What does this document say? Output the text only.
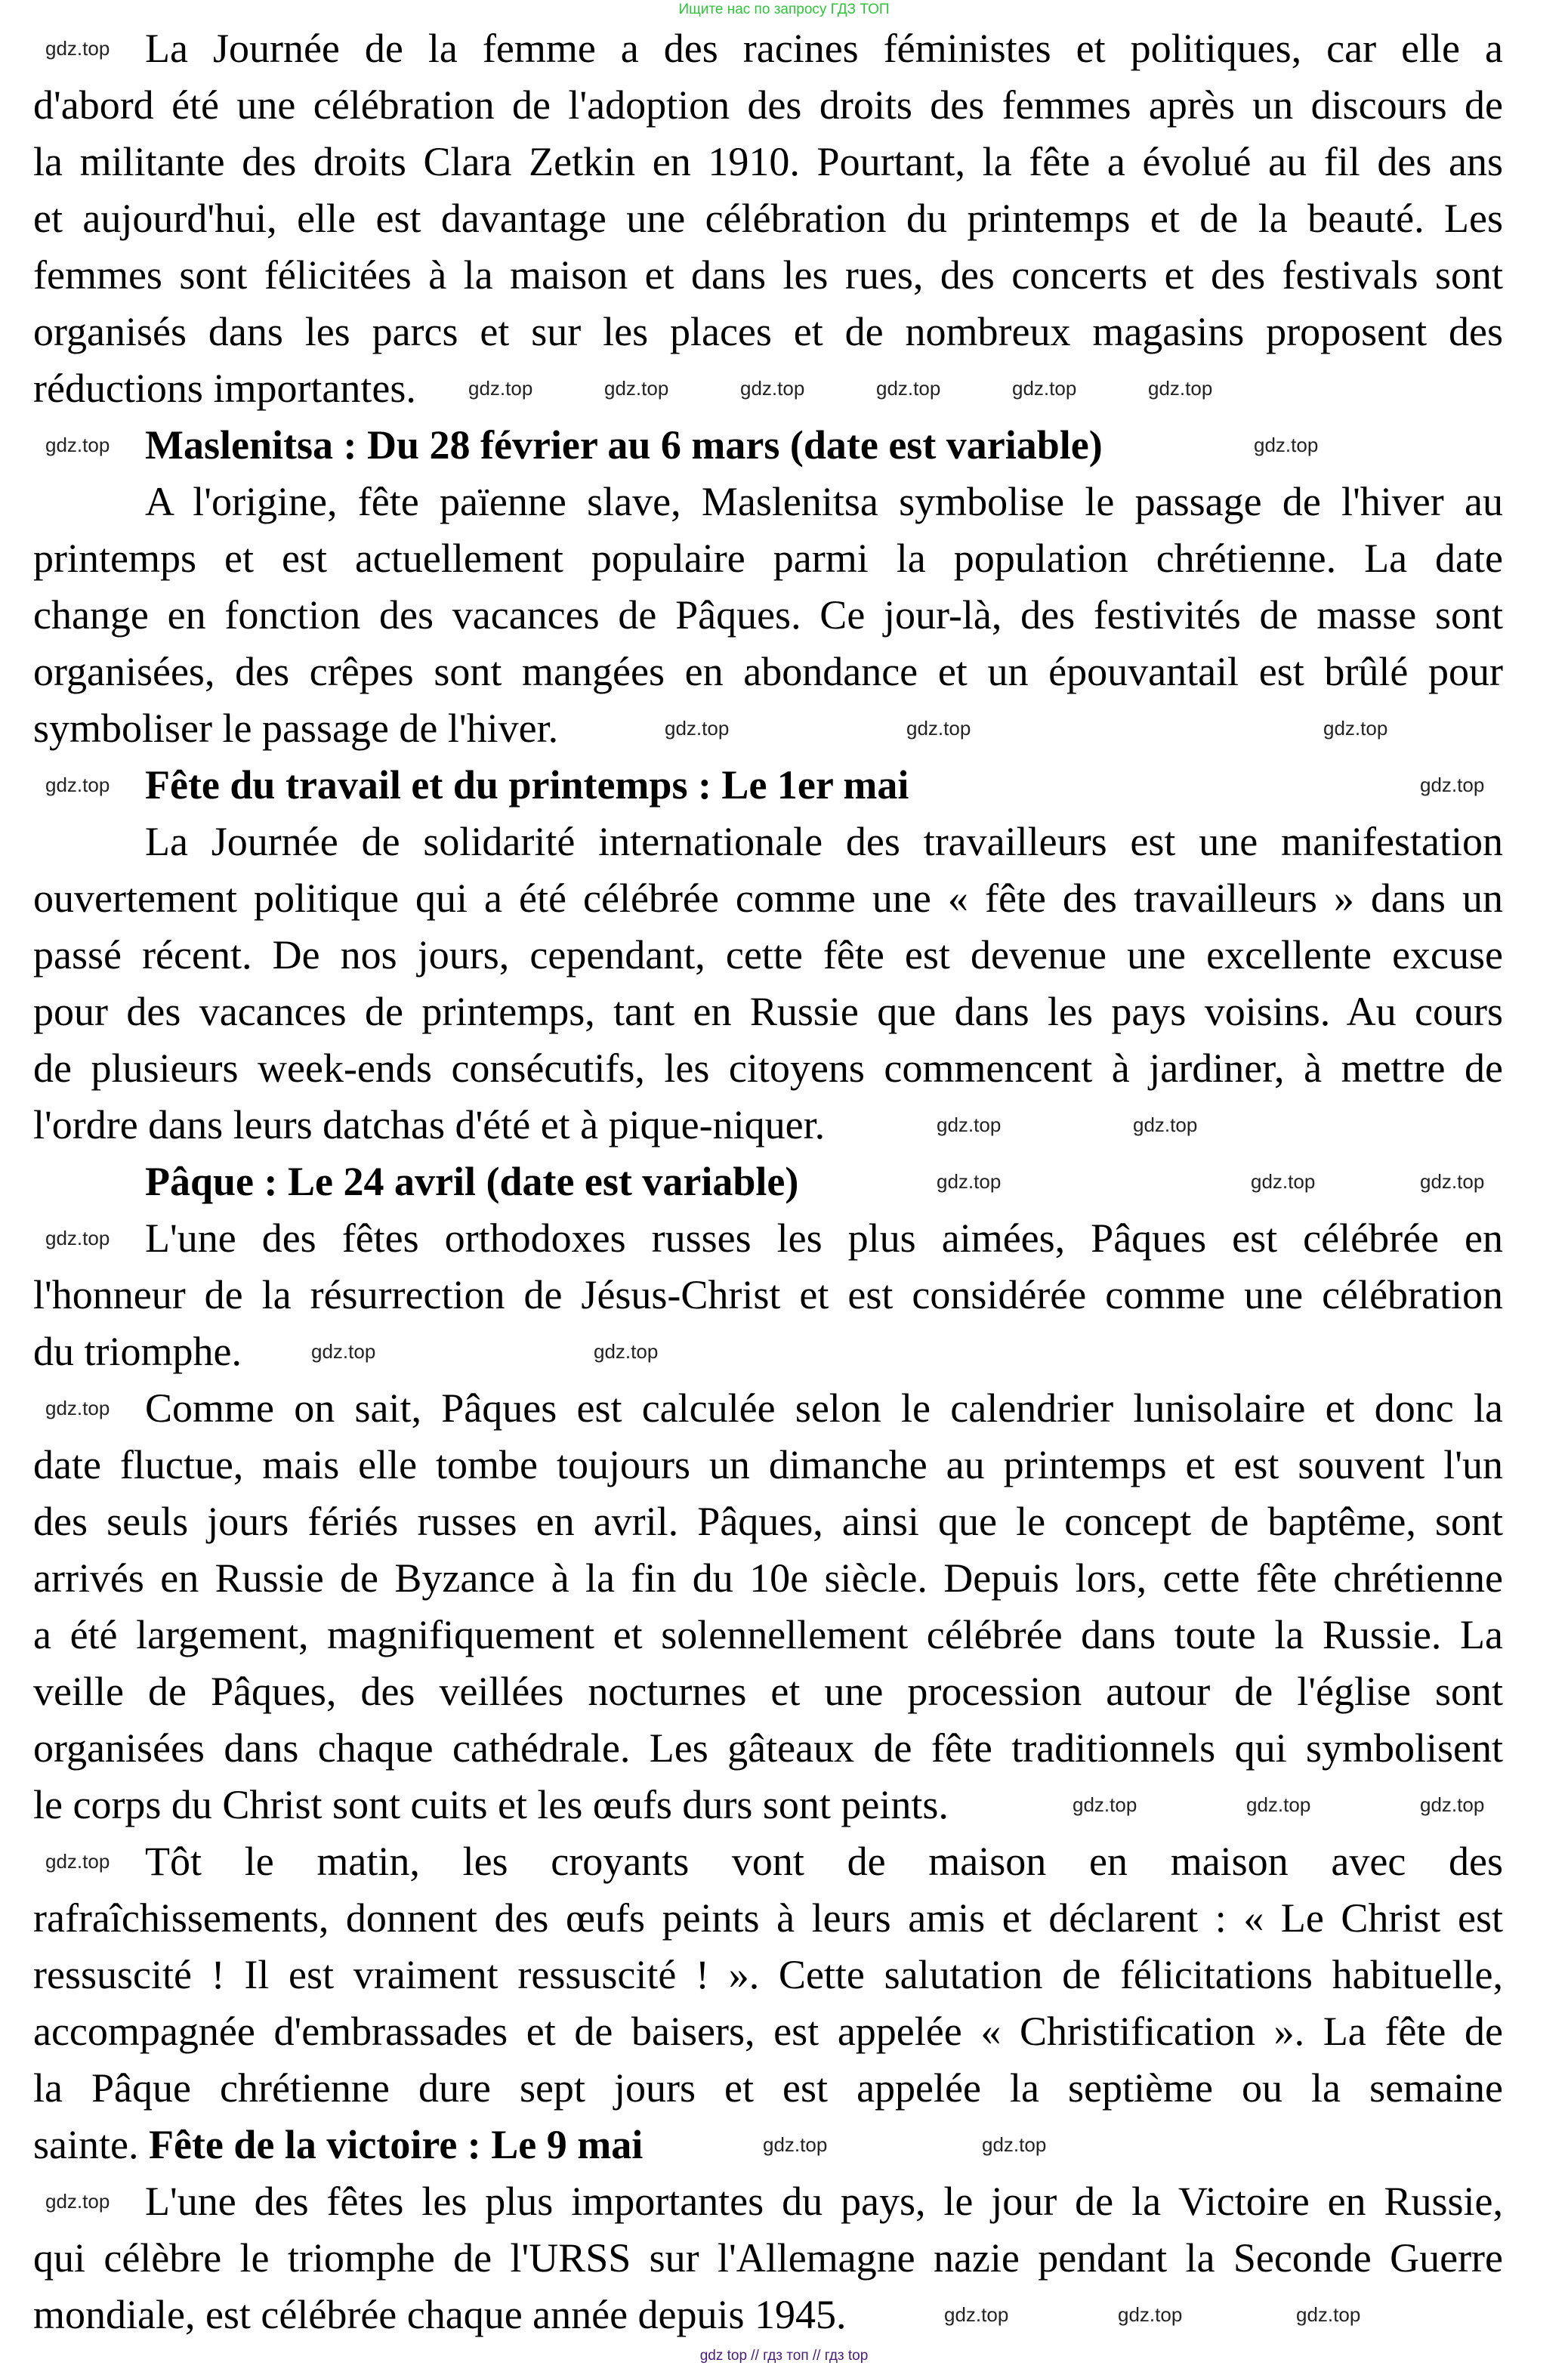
Ищите нас по запросу ГДЗ ТОП
La Journée de la femme a des racines féministes et politiques, car elle a
d'abord été une célébration de l'adoption des droits des femmes après un discours de
la militante des droits Clara Zetkin en 1910. Pourtant, la fête a évolué au fil des ans
et aujourd'hui, elle est davantage une célébration du printemps et de la beauté. Les
femmes sont félicitées à la maison et dans les rues, des concerts et des festivals sont
organisés dans les parcs et sur les places et de nombreux magasins proposent des
réductions importantes.
Maslenitsa : Du 28 février au 6 mars (date est variable)
A l'origine, fête païenne slave, Maslenitsa symbolise le passage de l'hiver au
printemps et est actuellement populaire parmi la population chrétienne. La date
change en fonction des vacances de Pâques. Ce jour-là, des festivités de masse sont
organisées, des crêpes sont mangées en abondance et un épouvantail est brûlé pour
symboliser le passage de l'hiver.
Fête du travail et du printemps : Le 1er mai
La Journée de solidarité internationale des travailleurs est une manifestation
ouvertement politique qui a été célébrée comme une « fête des travailleurs » dans un
passé récent. De nos jours, cependant, cette fête est devenue une excellente excuse
pour des vacances de printemps, tant en Russie que dans les pays voisins. Au cours
de plusieurs week-ends consécutifs, les citoyens commencent à jardiner, à mettre de
l'ordre dans leurs datchas d'été et à pique-niquer.
Pâque : Le 24 avril (date est variable)
L'une des fêtes orthodoxes russes les plus aimées, Pâques est célébrée en
l'honneur de la résurrection de Jésus-Christ et est considérée comme une célébration
du triomphe.
Comme on sait, Pâques est calculée selon le calendrier lunisolaire et donc la
date fluctue, mais elle tombe toujours un dimanche au printemps et est souvent l'un
des seuls jours fériés russes en avril. Pâques, ainsi que le concept de baptême, sont
arrivés en Russie de Byzance à la fin du 10e siècle. Depuis lors, cette fête chrétienne
a été largement, magnifiquement et solennellement célébrée dans toute la Russie. La
veille de Pâques, des veillées nocturnes et une procession autour de l'église sont
organisées dans chaque cathédrale. Les gâteaux de fête traditionnels qui symbolisent
le corps du Christ sont cuits et les œufs durs sont peints.
Tôt le matin, les croyants vont de maison en maison avec des
rafraîchissements, donnent des œufs peints à leurs amis et déclarent : « Le Christ est
ressuscité ! Il est vraiment ressuscité ! ». Cette salutation de félicitations habituelle,
accompagnée d'embrassades et de baisers, est appelée « Christification ». La fête de
la Pâque chrétienne dure sept jours et est appelée la septième ou la semaine
sainte. Fête de la victoire : Le 9 mai
L'une des fêtes les plus importantes du pays, le jour de la Victoire en Russie,
qui célèbre le triomphe de l'URSS sur l'Allemagne nazie pendant la Seconde Guerre
mondiale, est célébrée chaque année depuis 1945.
gdz.top
gdz.top	gdz.top	gdz.top	gdz.top	gdz.top	gdz.top
gdz.top	gdz.top
gdz.top	gdz.top	gdz.top
gdz.top	gdz.top
gdz.top	gdz.top
gdz.top
gdz.top
gdz.top	gdz.top
gdz.top
gdz.top	gdz.top
gdz.top	gdz.top
gdz.top
gdz.top
gdz.top	gdz.top
gdz.top
gdz.top
gdz.top	gdz.top
gdz top // гдз топ // гдз top
